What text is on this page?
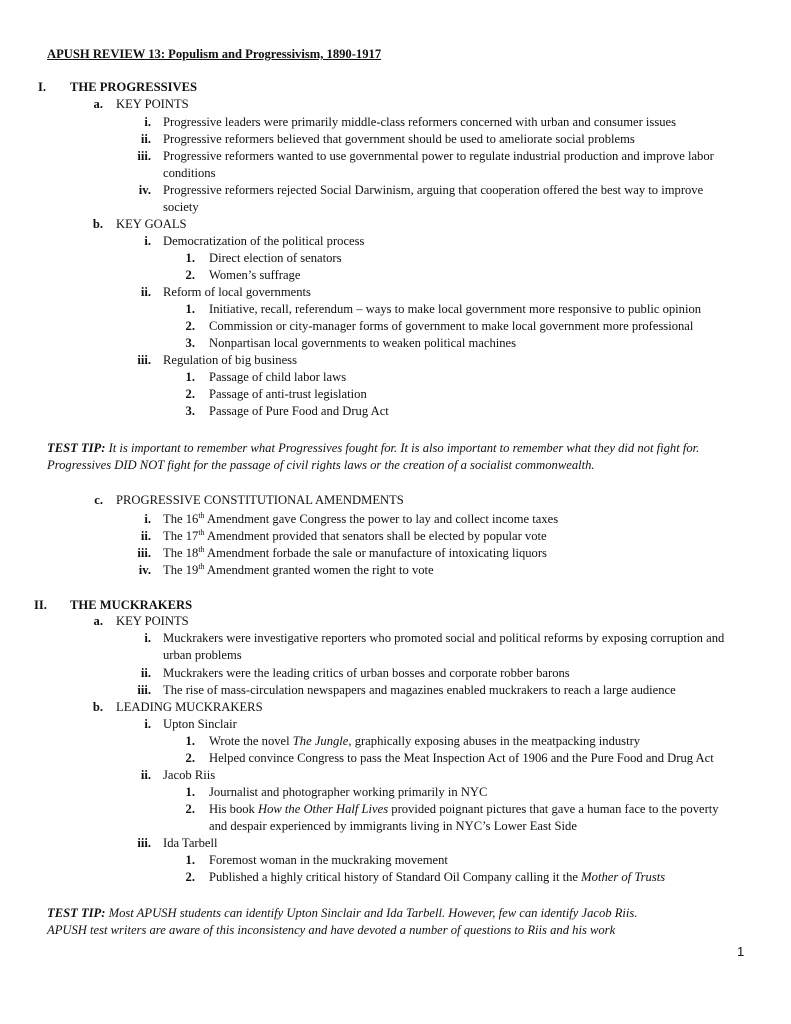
APUSH REVIEW 13: Populism and Progressivism, 1890-1917
I. THE PROGRESSIVES
a. KEY POINTS
i. Progressive leaders were primarily middle-class reformers concerned with urban and consumer issues
ii. Progressive reformers believed that government should be used to ameliorate social problems
iii. Progressive reformers wanted to use governmental power to regulate industrial production and improve labor
conditions
iv. Progressive reformers rejected Social Darwinism, arguing that cooperation offered the best way to improve
society
b. KEY GOALS
i. Democratization of the political process
1. Direct election of senators
2. Women’s suffrage
ii. Reform of local governments
1. Initiative, recall, referendum – ways to make local government more responsive to public opinion
2. Commission or city-manager forms of government to make local government more professional
3. Nonpartisan local governments to weaken political machines
iii. Regulation of big business
1. Passage of child labor laws
2. Passage of anti-trust legislation
3. Passage of Pure Food and Drug Act
TEST TIP: It is important to remember what Progressives fought for. It is also important to remember what they did not fight for.
Progressives DID NOT fight for the passage of civil rights laws or the creation of a socialist commonwealth.
c. PROGRESSIVE CONSTITUTIONAL AMENDMENTS
i. The 16th Amendment gave Congress the power to lay and collect income taxes
ii. The 17th Amendment provided that senators shall be elected by popular vote
iii. The 18th Amendment forbade the sale or manufacture of intoxicating liquors
iv. The 19th Amendment granted women the right to vote
II. THE MUCKRAKERS
a. KEY POINTS
i. Muckrakers were investigative reporters who promoted social and political reforms by exposing corruption and
urban problems
ii. Muckrakers were the leading critics of urban bosses and corporate robber barons
iii. The rise of mass-circulation newspapers and magazines enabled muckrakers to reach a large audience
b. LEADING MUCKRAKERS
i. Upton Sinclair
1. Wrote the novel The Jungle, graphically exposing abuses in the meatpacking industry
2. Helped convince Congress to pass the Meat Inspection Act of 1906 and the Pure Food and Drug Act
ii. Jacob Riis
1. Journalist and photographer working primarily in NYC
2. His book How the Other Half Lives provided poignant pictures that gave a human face to the poverty
and despair experienced by immigrants living in NYC’s Lower East Side
iii. Ida Tarbell
1. Foremost woman in the muckraking movement
2. Published a highly critical history of Standard Oil Company calling it the Mother of Trusts
TEST TIP: Most APUSH students can identify Upton Sinclair and Ida Tarbell. However, few can identify Jacob Riis.
APUSH test writers are aware of this inconsistency and have devoted a number of questions to Riis and his work
1
